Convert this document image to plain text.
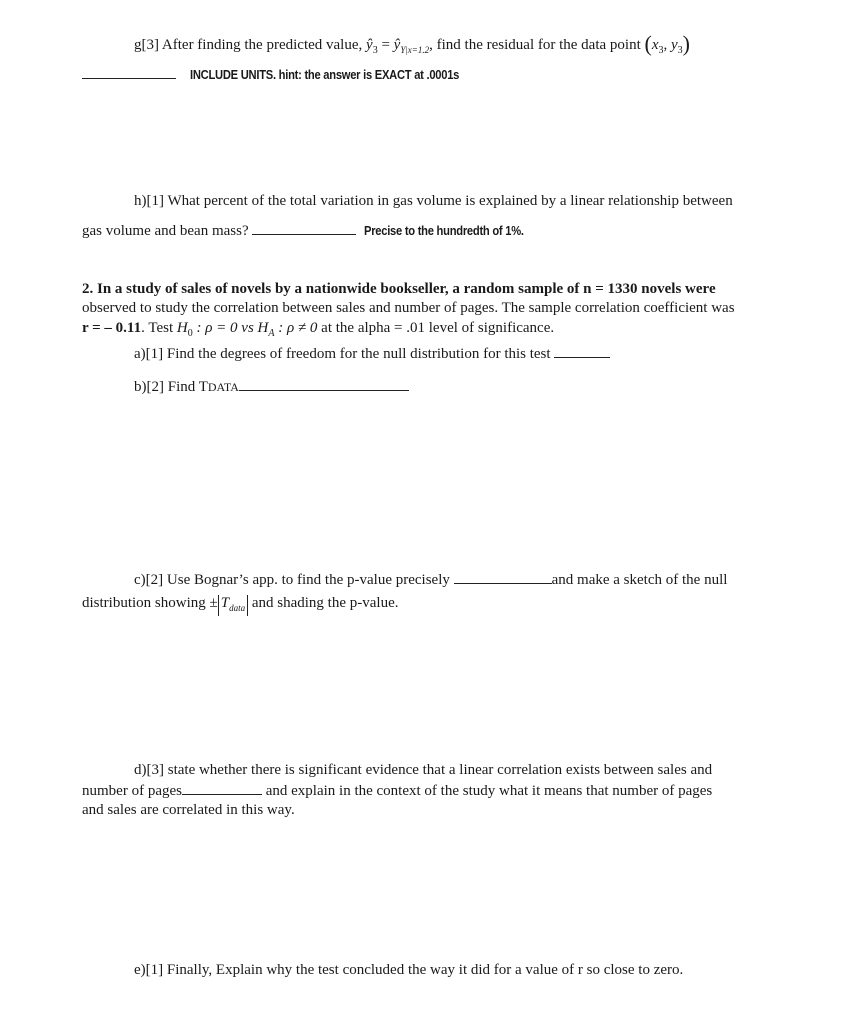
g[3] After finding the predicted value, $ŷ_3$ = $ŷ_{Y|x=1.2}$, find the residual for the data point ($x_3$, $y_3$)
INCLUDE UNITS. hint: the answer is EXACT at .0001s
h)[1] What percent of the total variation in gas volume is explained by a linear relationship between
gas volume and bean mass?	Precise to the hundredth of 1%.
2. In a study of sales of novels by a nationwide bookseller, a random sample of n = 1330 novels were
observed to study the correlation between sales and number of pages. The sample correlation coefficient was
r = – 0.11. Test $H_0$ : ρ = 0 vs $H_A$ : ρ ≠ 0 at the alpha = .01 level of significance.
a)[1] Find the degrees of freedom for the null distribution for this test
b)[2] Find TDATA
c)[2] Use Bognar’s app. to find the p-value precisely	and make a sketch of the null
distribution showing ± $T_{data}$ and shading the p-value.
d)[3] state whether there is significant evidence that a linear correlation exists between sales and
number of pages	and explain in the context of the study what it means that number of pages
and sales are correlated in this way.
e)[1] Finally, Explain why the test concluded the way it did for a value of r so close to zero.
